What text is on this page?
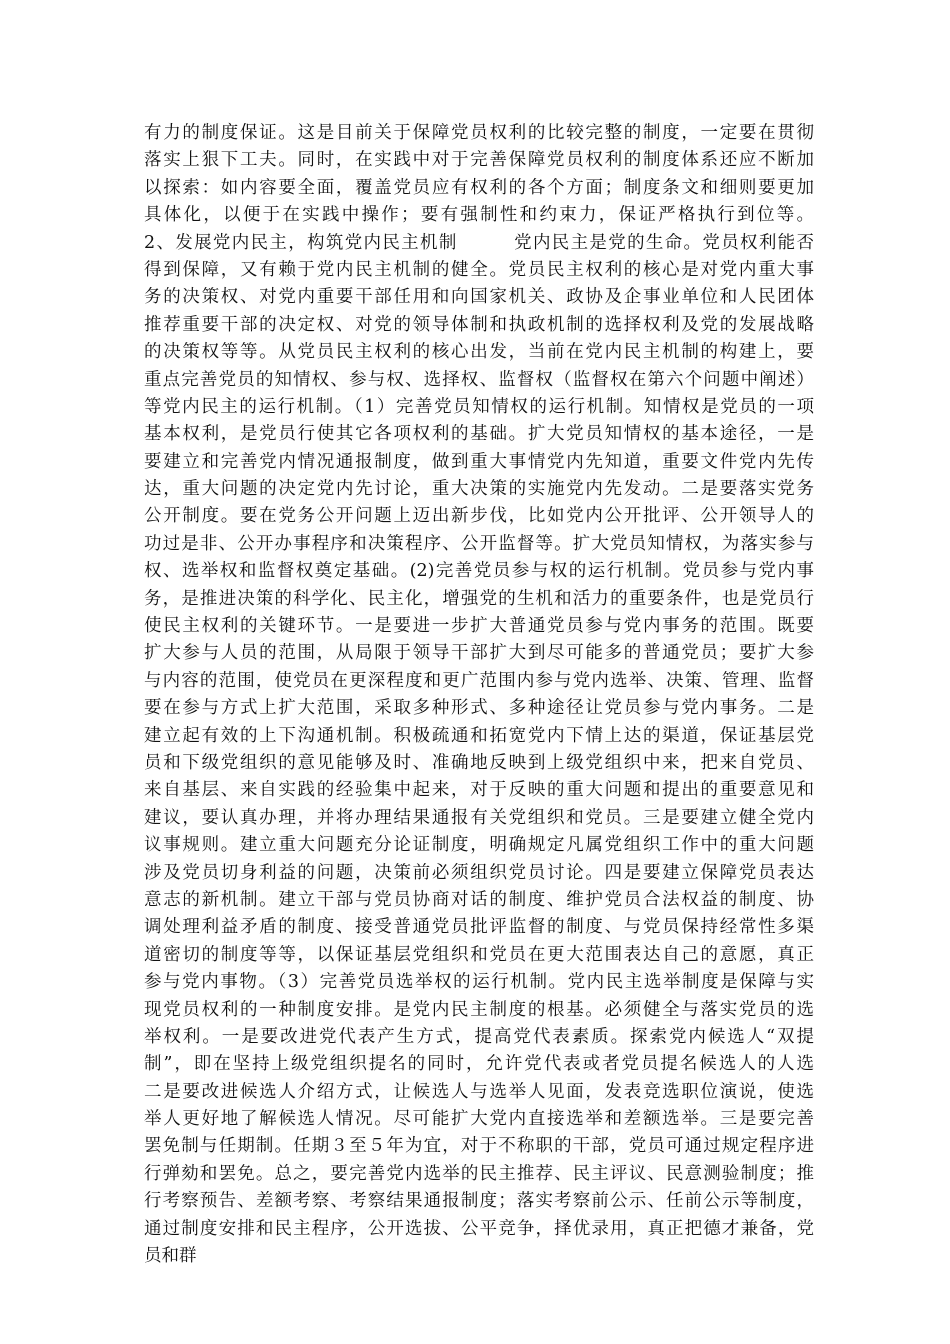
有力的制度保证。这是目前关于保障党员权利的比较完整的制度，一定要在贯彻
落实上狠下工夫。同时，在实践中对于完善保障党员权利的制度体系还应不断加
以探索：如内容要全面，覆盖党员应有权利的各个方面；制度条文和细则要更加
具体化，以便于在实践中操作；要有强制性和约束力，保证严格执行到位等。
2、发展党内民主，构筑党内民主机制　　　党内民主是党的生命。党员权利能否
得到保障，又有赖于党内民主机制的健全。党员民主权利的核心是对党内重大事
务的决策权、对党内重要干部任用和向国家机关、政协及企事业单位和人民团体
推荐重要干部的决定权、对党的领导体制和执政机制的选择权利及党的发展战略
的决策权等等。从党员民主权利的核心出发，当前在党内民主机制的构建上，要
重点完善党员的知情权、参与权、选择权、监督权（监督权在第六个问题中阐述）
等党内民主的运行机制。（1）完善党员知情权的运行机制。知情权是党员的一项
基本权利，是党员行使其它各项权利的基础。扩大党员知情权的基本途径，一是
要建立和完善党内情况通报制度，做到重大事情党内先知道，重要文件党内先传
达，重大问题的决定党内先讨论，重大决策的实施党内先发动。二是要落实党务
公开制度。要在党务公开问题上迈出新步伐，比如党内公开批评、公开领导人的
功过是非、公开办事程序和决策程序、公开监督等。扩大党员知情权，为落实参与
权、选举权和监督权奠定基础。(2)完善党员参与权的运行机制。党员参与党内事
务，是推进决策的科学化、民主化，增强党的生机和活力的重要条件，也是党员行
使民主权利的关键环节。一是要进一步扩大普通党员参与党内事务的范围。既要
扩大参与人员的范围，从局限于领导干部扩大到尽可能多的普通党员；要扩大参
与内容的范围，使党员在更深程度和更广范围内参与党内选举、决策、管理、监督
要在参与方式上扩大范围，采取多种形式、多种途径让党员参与党内事务。二是
建立起有效的上下沟通机制。积极疏通和拓宽党内下情上达的渠道，保证基层党
员和下级党组织的意见能够及时、准确地反映到上级党组织中来，把来自党员、
来自基层、来自实践的经验集中起来，对于反映的重大问题和提出的重要意见和
建议，要认真办理，并将办理结果通报有关党组织和党员。三是要建立健全党内
议事规则。建立重大问题充分论证制度，明确规定凡属党组织工作中的重大问题
涉及党员切身利益的问题，决策前必须组织党员讨论。四是要建立保障党员表达
意志的新机制。建立干部与党员协商对话的制度、维护党员合法权益的制度、协
调处理利益矛盾的制度、接受普通党员批评监督的制度、与党员保持经常性多渠
道密切的制度等等，以保证基层党组织和党员在更大范围表达自己的意愿，真正
参与党内事物。（3）完善党员选举权的运行机制。党内民主选举制度是保障与实
现党员权利的一种制度安排。是党内民主制度的根基。必须健全与落实党员的选
举权利。一是要改进党代表产生方式，提高党代表素质。探索党内候选人“双提
制”，即在坚持上级党组织提名的同时，允许党代表或者党员提名候选人的人选
二是要改进候选人介绍方式，让候选人与选举人见面，发表竞选职位演说，使选
举人更好地了解候选人情况。尽可能扩大党内直接选举和差额选举。三是要完善
罢免制与任期制。任期３至５年为宜，对于不称职的干部，党员可通过规定程序进
行弹劾和罢免。总之，要完善党内选举的民主推荐、民主评议、民意测验制度；推
行考察预告、差额考察、考察结果通报制度；落实考察前公示、任前公示等制度，
通过制度安排和民主程序，公开选拔、公平竞争，择优录用，真正把德才兼备，党
员和群
